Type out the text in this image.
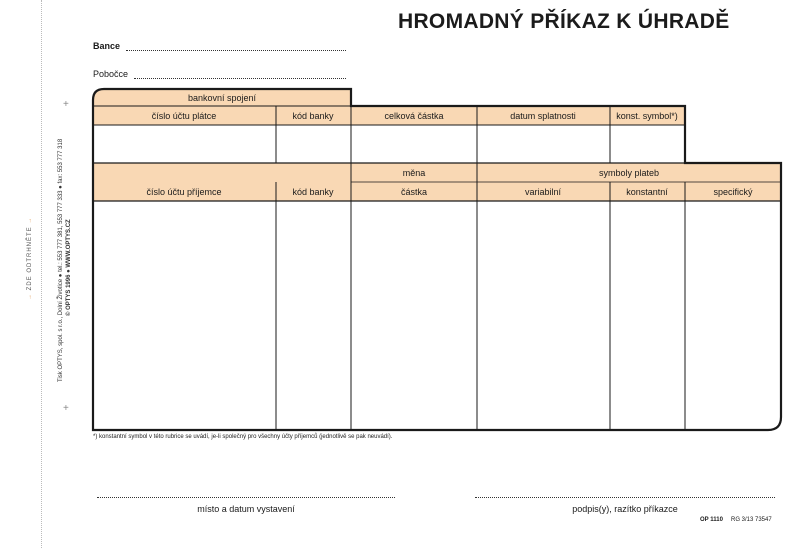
HROMADNÝ PŘÍKAZ K ÚHRADĚ
Bance
Pobočce
+
+
→ ZDE ODTRHNĚTE →	Tisk OPTYS, spol. s r.o., Dolní Životice ● tel.: 553 777 381, 553 777 333 ● fax: 553 777 318 © OPTYS 1996 ● WWW.OPTYS.CZ
bankovní spojení
číslo účtu plátce	kód banky	celková částka	datum splatnosti	konst. symbol*)
měna	symboly plateb
číslo účtu příjemce	kód banky	částka	variabilní	konstantní	specifický
*) konstantní symbol v této rubrice se uvádí, je-li společný pro všechny účty příjemců (jednotlivě se pak neuvádí).
místo a datum vystavení	podpis(y), razítko příkazce
OP 1110 RG 3/13 73547
